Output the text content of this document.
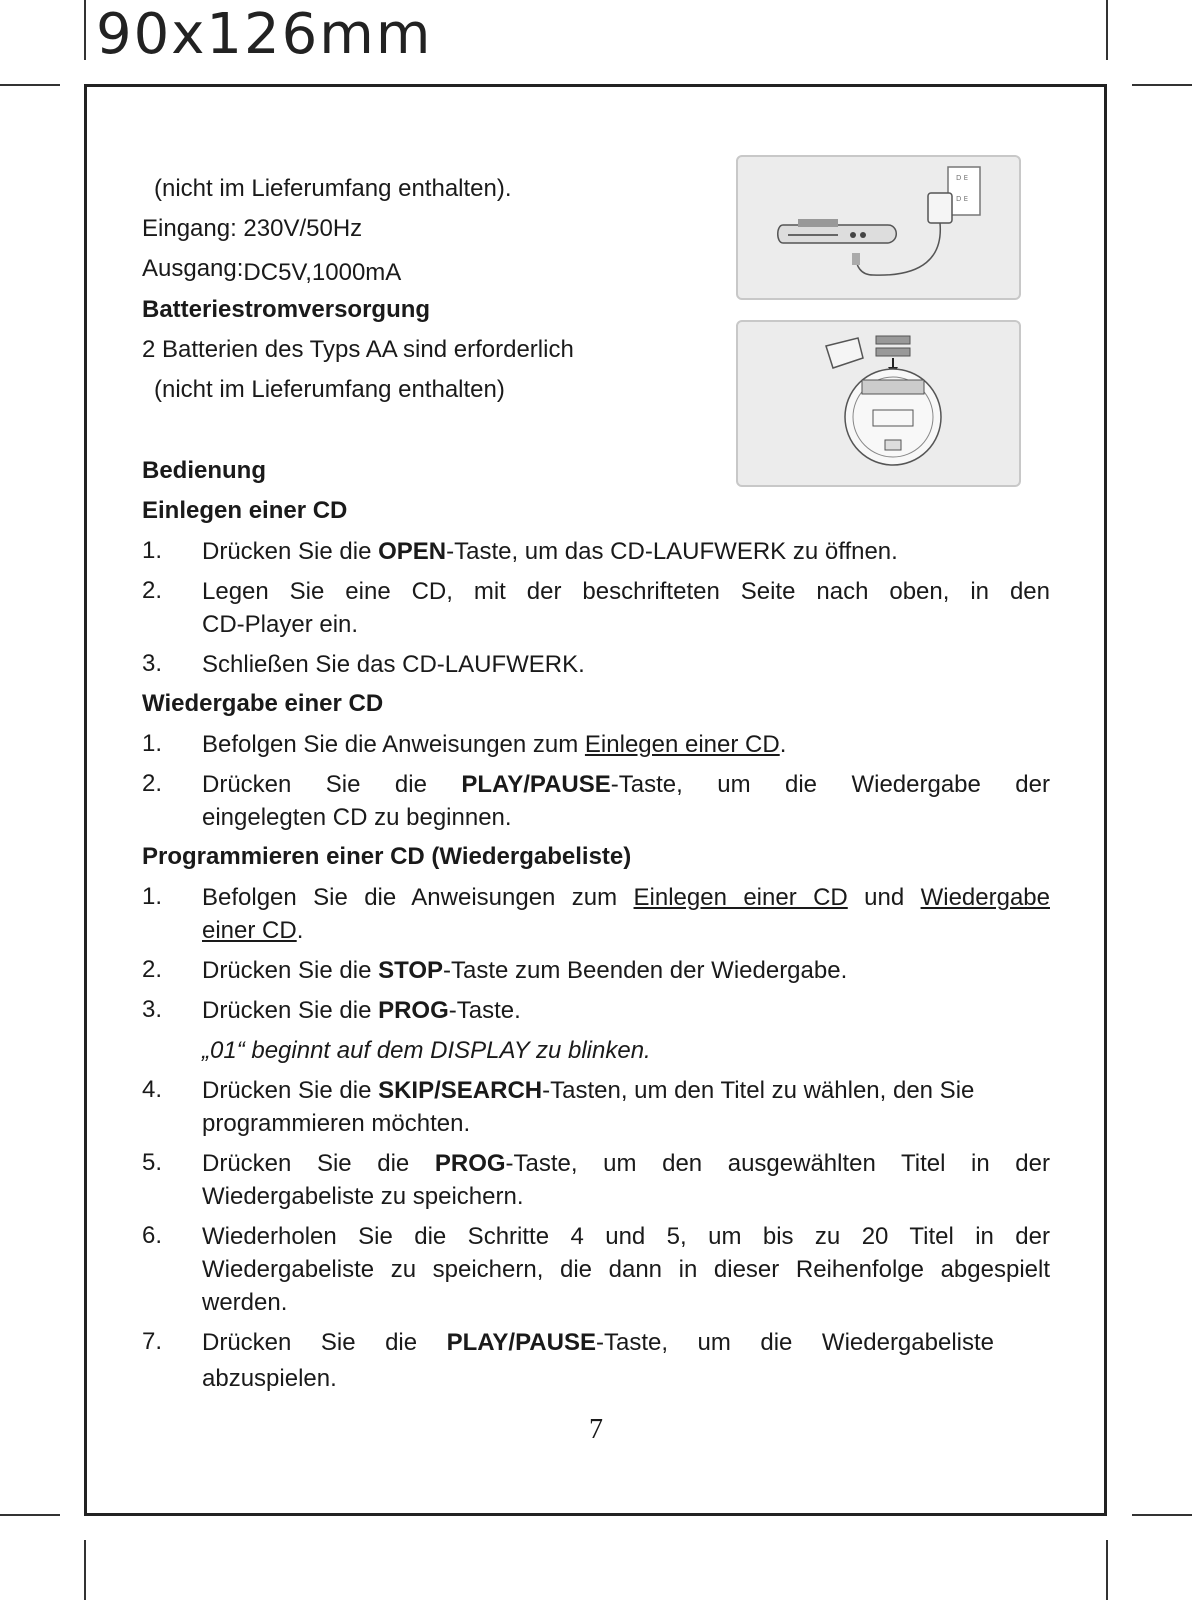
90x126mm
D E
D E
(nicht im Lieferumfang enthalten).
Eingang: 230V/50Hz
Ausgang:DC5V,1000mA
Batteriestromversorgung
2 Batterien des Typs AA sind erforderlich
(nicht im Lieferumfang enthalten)
Bedienung
Einlegen einer CD
1. Drücken Sie die OPEN-Taste, um das CD-LAUFWERK zu öffnen.
2. Legen Sie eine CD, mit der beschrifteten Seite nach oben, in den
CD-Player ein.
3. Schließen Sie das CD-LAUFWERK.
Wiedergabe einer CD
1. Befolgen Sie die Anweisungen zum Einlegen einer CD.
2. Drücken Sie die PLAY/PAUSE-Taste, um die Wiedergabe der
eingelegten CD zu beginnen.
Programmieren einer CD (Wiedergabeliste)
1. Befolgen Sie die Anweisungen zum Einlegen einer CD und Wiedergabe
einer CD.
2. Drücken Sie die STOP-Taste zum Beenden der Wiedergabe.
3. Drücken Sie die PROG-Taste.
„01“ beginnt auf dem DISPLAY zu blinken.
4. Drücken Sie die SKIP/SEARCH-Tasten, um den Titel zu wählen, den Sie
programmieren möchten.
5. Drücken Sie die PROG-Taste, um den ausgewählten Titel in der
Wiedergabeliste zu speichern.
6. Wiederholen Sie die Schritte 4 und 5, um bis zu 20 Titel in der
Wiedergabeliste zu speichern, die dann in dieser Reihenfolge abgespielt
werden.
7. Drücken Sie die PLAY/PAUSE-Taste, um die Wiedergabeliste
abzuspielen.
7
